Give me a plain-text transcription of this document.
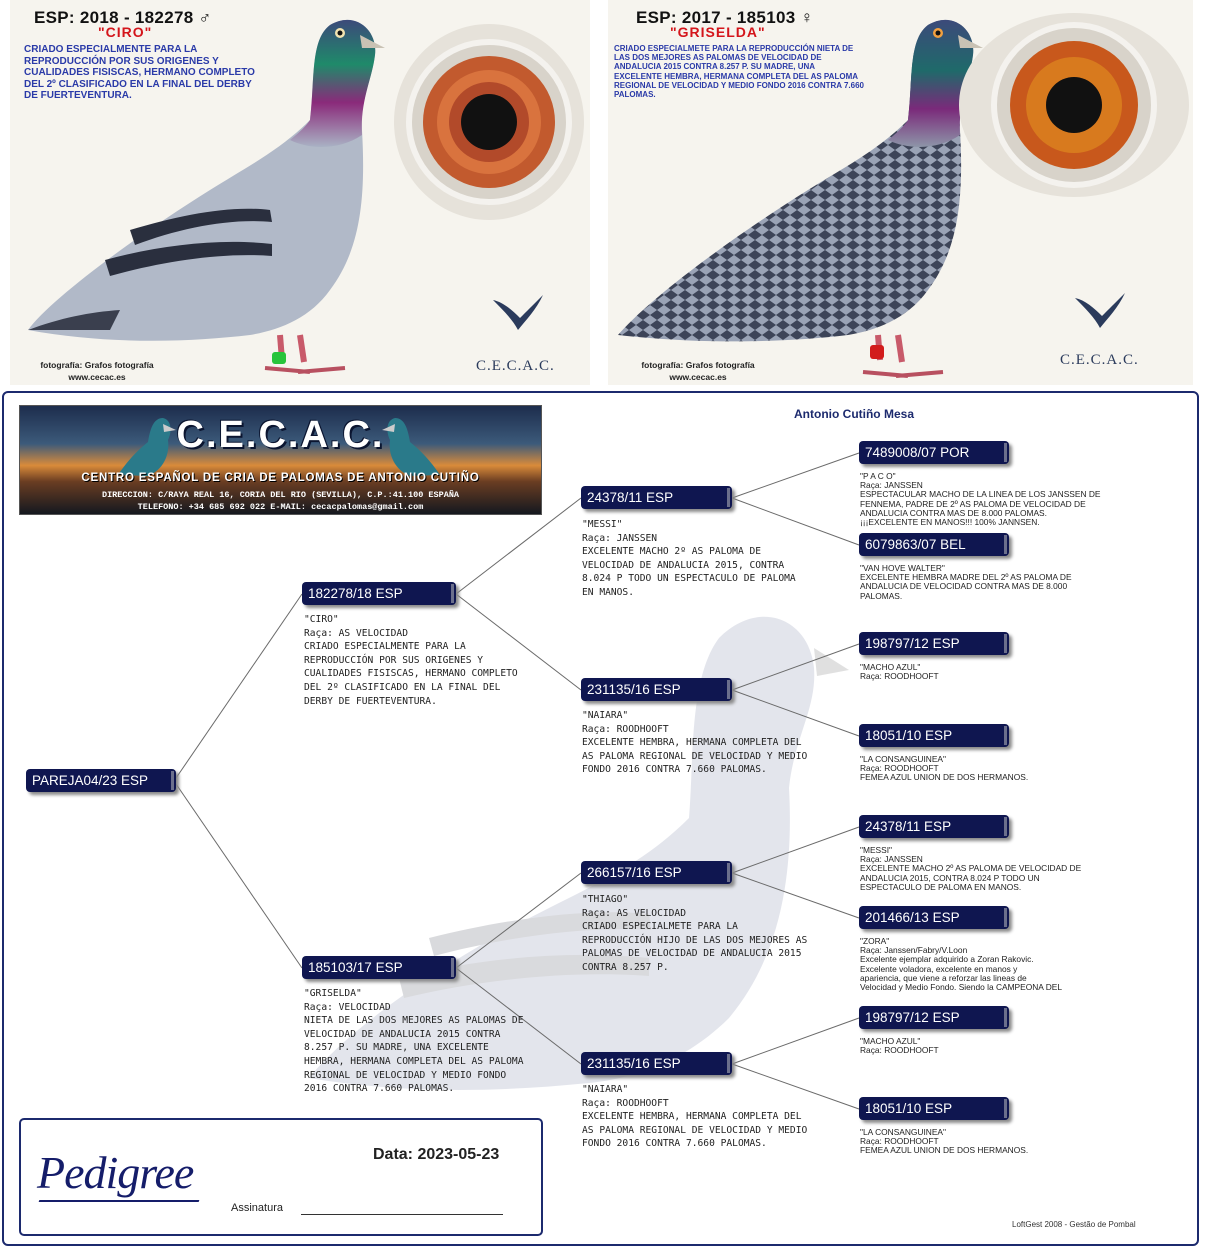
ESP: 2018 - 182278 ♂
"CIRO"
CRIADO ESPECIALMENTE PARA LA REPRODUCCIÓN POR SUS ORIGENES Y CUALIDADES FISISCAS, HERMANO COMPLETO DEL 2º CLASIFICADO EN LA FINAL DEL DERBY DE FUERTEVENTURA.
C.E.C.A.C.
fotografía: Grafos fotografía
www.cecac.es
ESP: 2017 - 185103 ♀
"GRISELDA"
CRIADO ESPECIALMETE PARA LA REPRODUCCIÓN NIETA DE LAS DOS MEJORES AS PALOMAS DE VELOCIDAD DE ANDALUCIA 2015 CONTRA 8.257 P. SU MADRE, UNA EXCELENTE HEMBRA, HERMANA COMPLETA DEL AS PALOMA REGIONAL DE VELOCIDAD Y MEDIO FONDO 2016 CONTRA 7.660 PALOMAS.
C.E.C.A.C.
fotografía: Grafos fotografía
www.cecac.es
C.E.C.A.C.
CENTRO ESPAÑOL DE CRIA DE PALOMAS DE ANTONIO CUTIÑO
DIRECCION: C/RAYA REAL 16, CORIA DEL RIO (SEVILLA), C.P.:41.100 ESPAÑA
TELEFONO: +34 685 692 022 E-MAIL: cecacpalomas@gmail.com
Antonio Cutiño Mesa
PAREJA04/23 ESP
182278/18 ESP
"CIRO"
Raça: AS VELOCIDAD
CRIADO ESPECIALMENTE PARA LA
REPRODUCCIÓN POR SUS ORIGENES Y
CUALIDADES FISISCAS, HERMANO COMPLETO
DEL 2º CLASIFICADO EN LA FINAL DEL
DERBY DE FUERTEVENTURA.
185103/17 ESP
"GRISELDA"
Raça: VELOCIDAD
NIETA DE LAS DOS MEJORES AS PALOMAS DE
VELOCIDAD DE ANDALUCIA 2015 CONTRA
8.257 P. SU MADRE, UNA EXCELENTE
HEMBRA, HERMANA COMPLETA DEL AS PALOMA
REGIONAL DE VELOCIDAD Y MEDIO FONDO
2016 CONTRA 7.660 PALOMAS.
24378/11 ESP
"MESSI"
Raça: JANSSEN
EXCELENTE MACHO 2º AS PALOMA DE
VELOCIDAD DE ANDALUCIA 2015, CONTRA
8.024 P TODO UN ESPECTACULO DE PALOMA
EN MANOS.
231135/16 ESP
"NAIARA"
Raça: ROODHOOFT
EXCELENTE HEMBRA, HERMANA COMPLETA DEL
AS PALOMA REGIONAL DE VELOCIDAD Y MEDIO
FONDO 2016 CONTRA 7.660 PALOMAS.
266157/16 ESP
"THIAGO"
Raça: AS VELOCIDAD
CRIADO ESPECIALMETE PARA LA
REPRODUCCIÓN HIJO DE LAS DOS MEJORES AS
PALOMAS DE VELOCIDAD DE ANDALUCIA 2015
CONTRA 8.257 P.
231135/16 ESP
"NAIARA"
Raça: ROODHOOFT
EXCELENTE HEMBRA, HERMANA COMPLETA DEL
AS PALOMA REGIONAL DE VELOCIDAD Y MEDIO
FONDO 2016 CONTRA 7.660 PALOMAS.
7489008/07 POR
"P A C O"
Raça: JANSSEN
ESPECTACULAR MACHO DE LA LINEA DE LOS JANSSEN DE
FENNEMA, PADRE DE 2º AS PALOMA DE VELOCIDAD DE
ANDALUCIA CONTRA MAS DE 8.000 PALOMAS.
¡¡¡EXCELENTE EN MANOS!!! 100% JANNSEN.
6079863/07 BEL
"VAN HOVE WALTER"
EXCELENTE HEMBRA MADRE DEL 2º AS PALOMA DE
ANDALUCIA DE VELOCIDAD CONTRA MAS DE 8.000
PALOMAS.
198797/12 ESP
"MACHO AZUL"
Raça: ROODHOOFT
18051/10 ESP
"LA CONSANGUINEA"
Raça: ROODHOOFT
FEMEA AZUL UNION DE DOS HERMANOS.
24378/11 ESP
"MESSI"
Raça: JANSSEN
EXCELENTE MACHO 2º AS PALOMA DE VELOCIDAD DE
ANDALUCIA 2015, CONTRA 8.024 P TODO UN
ESPECTACULO DE PALOMA EN MANOS.
201466/13 ESP
"ZORA"
Raça: Janssen/Fabry/V.Loon
Excelente ejemplar adquirido a Zoran Rakovic.
Excelente voladora, excelente en manos y
apariencia, que viene a reforzar las lineas de
Velocidad y Medio Fondo. Siendo la CAMPEONA DEL
198797/12 ESP
"MACHO AZUL"
Raça: ROODHOOFT
18051/10 ESP
"LA CONSANGUINEA"
Raça: ROODHOOFT
FEMEA AZUL UNION DE DOS HERMANOS.
Pedigree	Data: 2023-05-23
Assinatura
LoftGest 2008 - Gestão de Pombal
